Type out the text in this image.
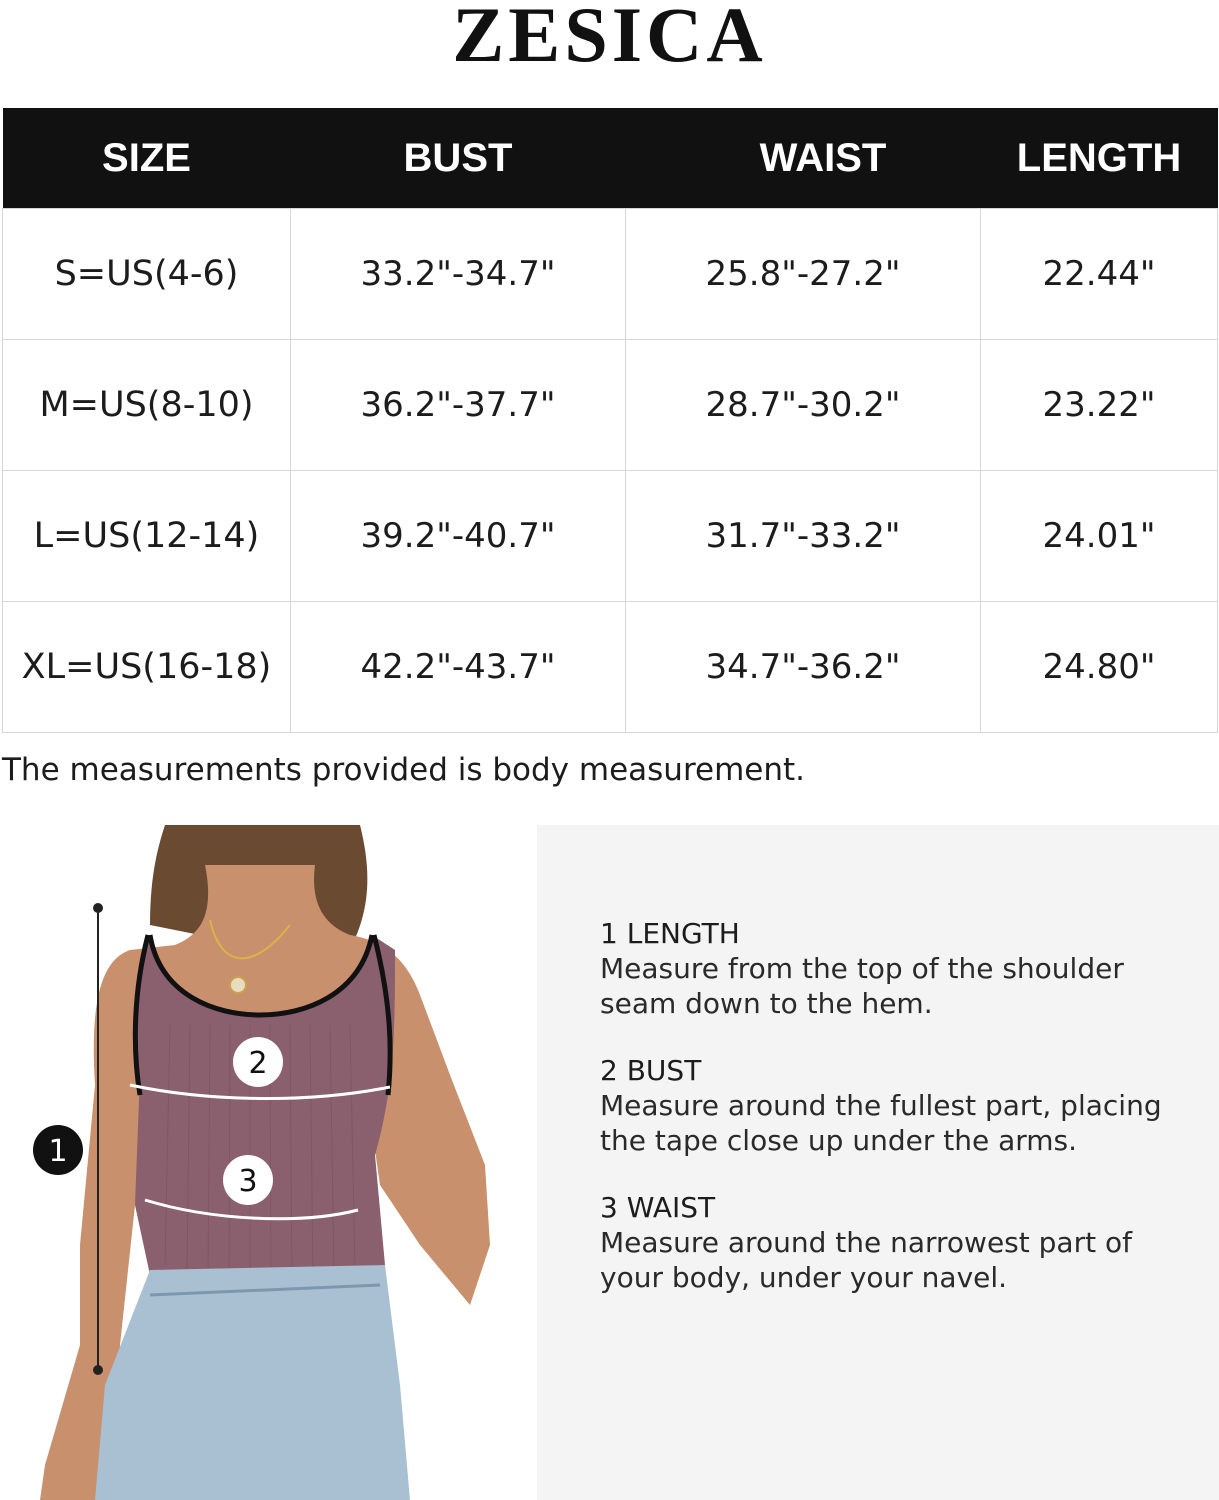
ZESICA
SIZE	BUST	WAIST	LENGTH
S=US(4-6)	33.2"-34.7"	25.8"-27.2"	22.44"
M=US(8-10)	36.2"-37.7"	28.7"-30.2"	23.22"
L=US(12-14)	39.2"-40.7"	31.7"-33.2"	24.01"
XL=US(16-18)	42.2"-43.7"	34.7"-36.2"	24.80"
The measurements provided is body measurement.
1
2
3
1 LENGTH
Measure from the top of the shoulder
seam down to the hem.
2 BUST
Measure around the fullest part, placing
the tape close up under the arms.
3 WAIST
Measure around the narrowest part of
your body, under your navel.
